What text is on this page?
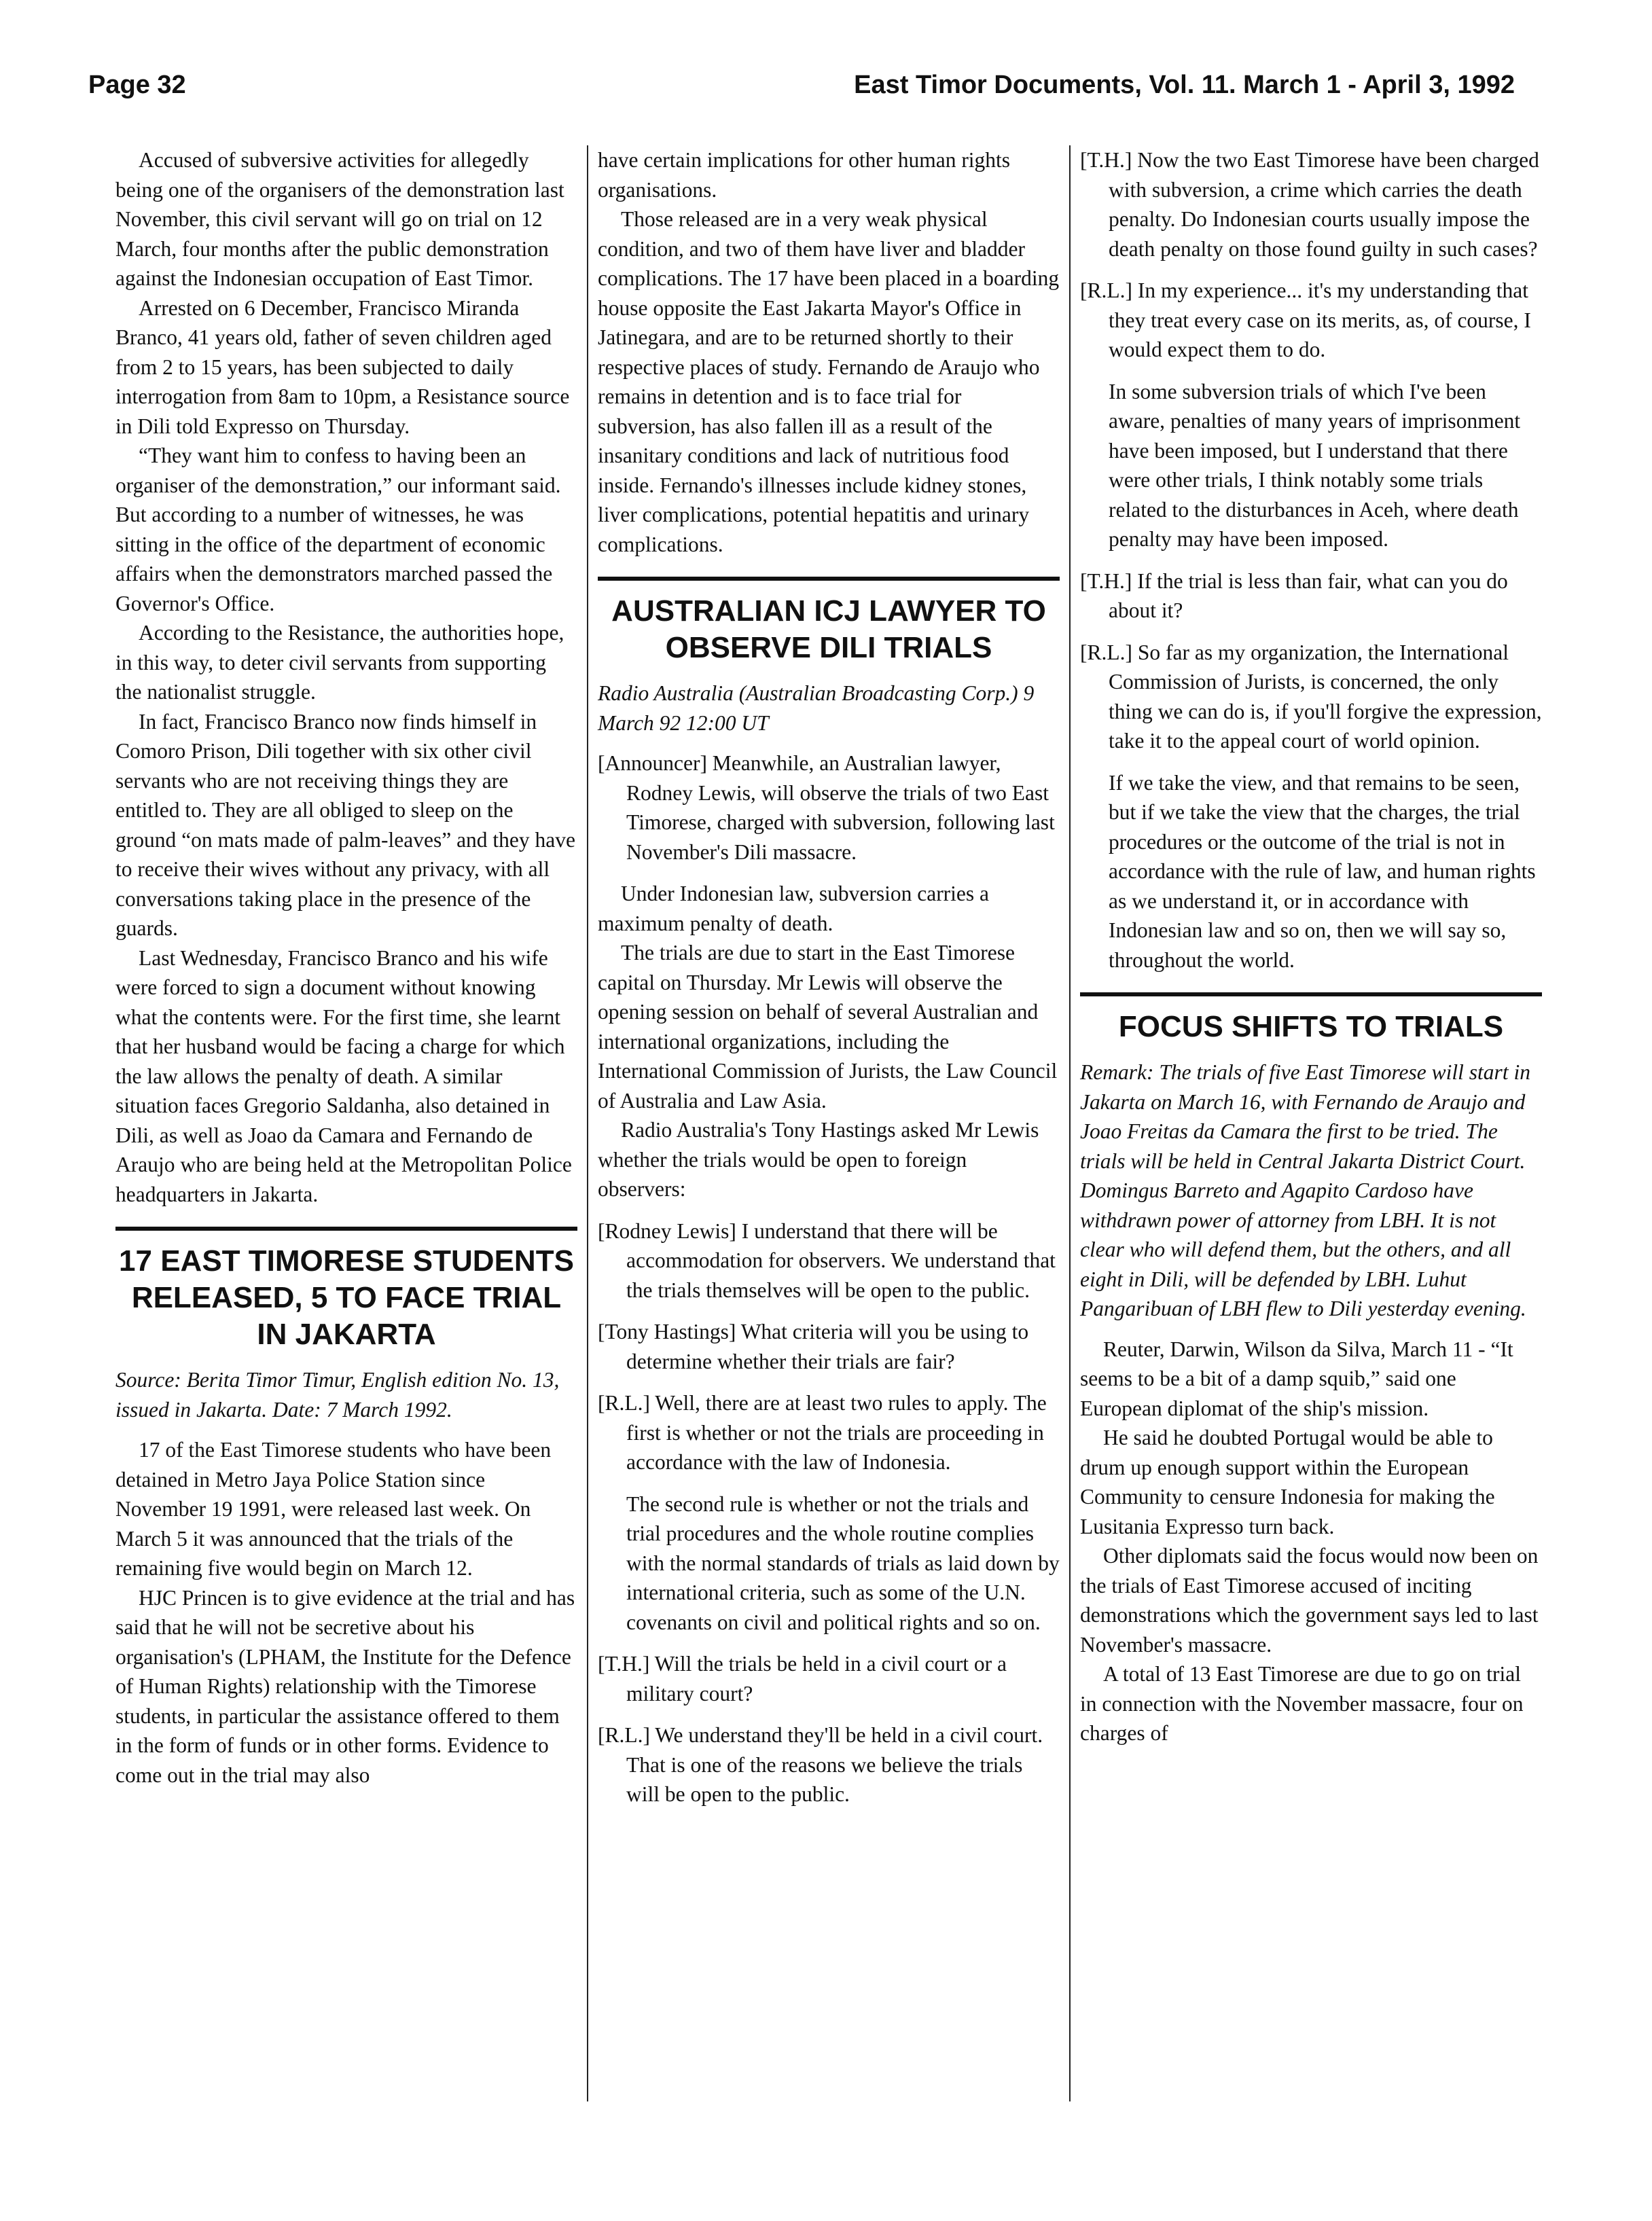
Page 32	East Timor Documents, Vol. 11. March 1 - April 3, 1992

Accused of subversive activities for allegedly being one of the organisers of the demonstration last November, this civil servant will go on trial on 12 March, four months after the public demonstration against the Indonesian occupation of East Timor.

Arrested on 6 December, Francisco Miranda Branco, 41 years old, father of seven children aged from 2 to 15 years, has been subjected to daily interrogation from 8am to 10pm, a Resistance source in Dili told Expresso on Thursday.

“They want him to confess to having been an organiser of the demonstration,” our informant said. But according to a number of witnesses, he was sitting in the office of the department of economic affairs when the demonstrators marched passed the Governor's Office.

According to the Resistance, the authorities hope, in this way, to deter civil servants from supporting the nationalist struggle.

In fact, Francisco Branco now finds himself in Comoro Prison, Dili together with six other civil servants who are not receiving things they are entitled to. They are all obliged to sleep on the ground “on mats made of palm-leaves” and they have to receive their wives without any privacy, with all conversations taking place in the presence of the guards.

Last Wednesday, Francisco Branco and his wife were forced to sign a document without knowing what the contents were. For the first time, she learnt that her husband would be facing a charge for which the law allows the penalty of death. A similar situation faces Gregorio Saldanha, also detained in Dili, as well as Joao da Camara and Fernando de Araujo who are being held at the Metropolitan Police headquarters in Jakarta.

17 EAST TIMORESE STUDENTS RELEASED, 5 TO FACE TRIAL IN JAKARTA

Source: Berita Timor Timur, English edition No. 13, issued in Jakarta. Date: 7 March 1992.

17 of the East Timorese students who have been detained in Metro Jaya Police Station since November 19 1991, were released last week. On March 5 it was announced that the trials of the remaining five would begin on March 12.

HJC Princen is to give evidence at the trial and has said that he will not be secretive about his organisation's (LPHAM, the Institute for the Defence of Human Rights) relationship with the Timorese students, in particular the assistance offered to them in the form of funds or in other forms. Evidence to come out in the trial may also

have certain implications for other human rights organisations.

Those released are in a very weak physical condition, and two of them have liver and bladder complications. The 17 have been placed in a boarding house opposite the East Jakarta Mayor's Office in Jatinegara, and are to be returned shortly to their respective places of study. Fernando de Araujo who remains in detention and is to face trial for subversion, has also fallen ill as a result of the insanitary conditions and lack of nutritious food inside. Fernando's illnesses include kidney stones, liver complications, potential hepatitis and urinary complications.

AUSTRALIAN ICJ LAWYER TO OBSERVE DILI TRIALS

Radio Australia (Australian Broadcasting Corp.) 9 March 92 12:00 UT

[Announcer] Meanwhile, an Australian lawyer, Rodney Lewis, will observe the trials of two East Timorese, charged with subversion, following last November's Dili massacre.

Under Indonesian law, subversion carries a maximum penalty of death.

The trials are due to start in the East Timorese capital on Thursday. Mr Lewis will observe the opening session on behalf of several Australian and international organizations, including the International Commission of Jurists, the Law Council of Australia and Law Asia.

Radio Australia's Tony Hastings asked Mr Lewis whether the trials would be open to foreign observers:

[Rodney Lewis] I understand that there will be accommodation for observers. We understand that the trials themselves will be open to the public.

[Tony Hastings] What criteria will you be using to determine whether their trials are fair?

[R.L.] Well, there are at least two rules to apply. The first is whether or not the trials are proceeding in accordance with the law of Indonesia.

The second rule is whether or not the trials and trial procedures and the whole routine complies with the normal standards of trials as laid down by international criteria, such as some of the U.N. covenants on civil and political rights and so on.

[T.H.] Will the trials be held in a civil court or a military court?

[R.L.] We understand they'll be held in a civil court. That is one of the reasons we believe the trials will be open to the public.

[T.H.] Now the two East Timorese have been charged with subversion, a crime which carries the death penalty. Do Indonesian courts usually impose the death penalty on those found guilty in such cases?

[R.L.] In my experience... it's my understanding that they treat every case on its merits, as, of course, I would expect them to do.

In some subversion trials of which I've been aware, penalties of many years of imprisonment have been imposed, but I understand that there were other trials, I think notably some trials related to the disturbances in Aceh, where death penalty may have been imposed.

[T.H.] If the trial is less than fair, what can you do about it?

[R.L.] So far as my organization, the International Commission of Jurists, is concerned, the only thing we can do is, if you'll forgive the expression, take it to the appeal court of world opinion.

If we take the view, and that remains to be seen, but if we take the view that the charges, the trial procedures or the outcome of the trial is not in accordance with the rule of law, and human rights as we understand it, or in accordance with Indonesian law and so on, then we will say so, throughout the world.

FOCUS SHIFTS TO TRIALS

Remark: The trials of five East Timorese will start in Jakarta on March 16, with Fernando de Araujo and Joao Freitas da Camara the first to be tried. The trials will be held in Central Jakarta District Court. Domingus Barreto and Agapito Cardoso have withdrawn power of attorney from LBH. It is not clear who will defend them, but the others, and all eight in Dili, will be defended by LBH. Luhut Pangaribuan of LBH flew to Dili yesterday evening.

Reuter, Darwin, Wilson da Silva, March 11 - “It seems to be a bit of a damp squib,” said one European diplomat of the ship's mission.

He said he doubted Portugal would be able to drum up enough support within the European Community to censure Indonesia for making the Lusitania Expresso turn back.

Other diplomats said the focus would now been on the trials of East Timorese accused of inciting demonstrations which the government says led to last November's massacre.

A total of 13 East Timorese are due to go on trial in connection with the November massacre, four on charges of
